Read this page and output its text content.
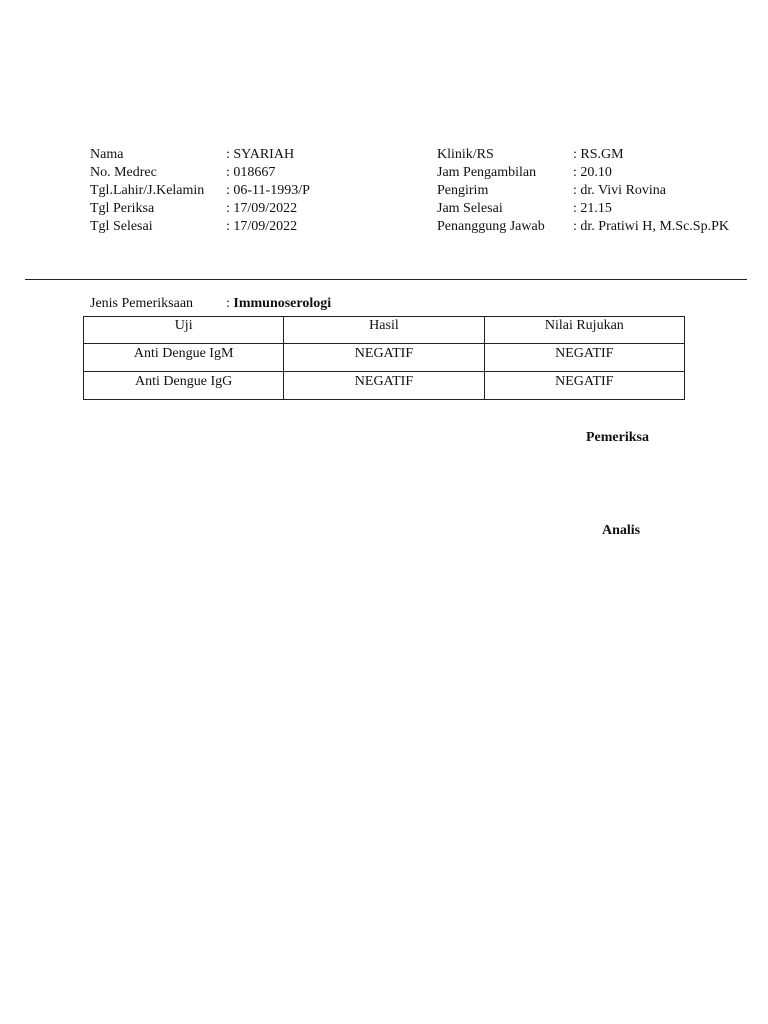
Nama	: SYARIAH
No. Medrec	: 018667
Tgl.Lahir/J.Kelamin	: 06-11-1993/P
Tgl Periksa	: 17/09/2022
Tgl Selesai	: 17/09/2022
Klinik/RS	: RS.GM
Jam Pengambilan	: 20.10
Pengirim	: dr. Vivi Rovina
Jam Selesai	: 21.15
Penanggung Jawab	: dr. Pratiwi H, M.Sc.Sp.PK
Jenis Pemeriksaan	:
Immunoserologi
Uji	Hasil	Nilai Rujukan
Anti Dengue IgM	NEGATIF	NEGATIF
Anti Dengue IgG	NEGATIF	NEGATIF
Pemeriksa
Analis
